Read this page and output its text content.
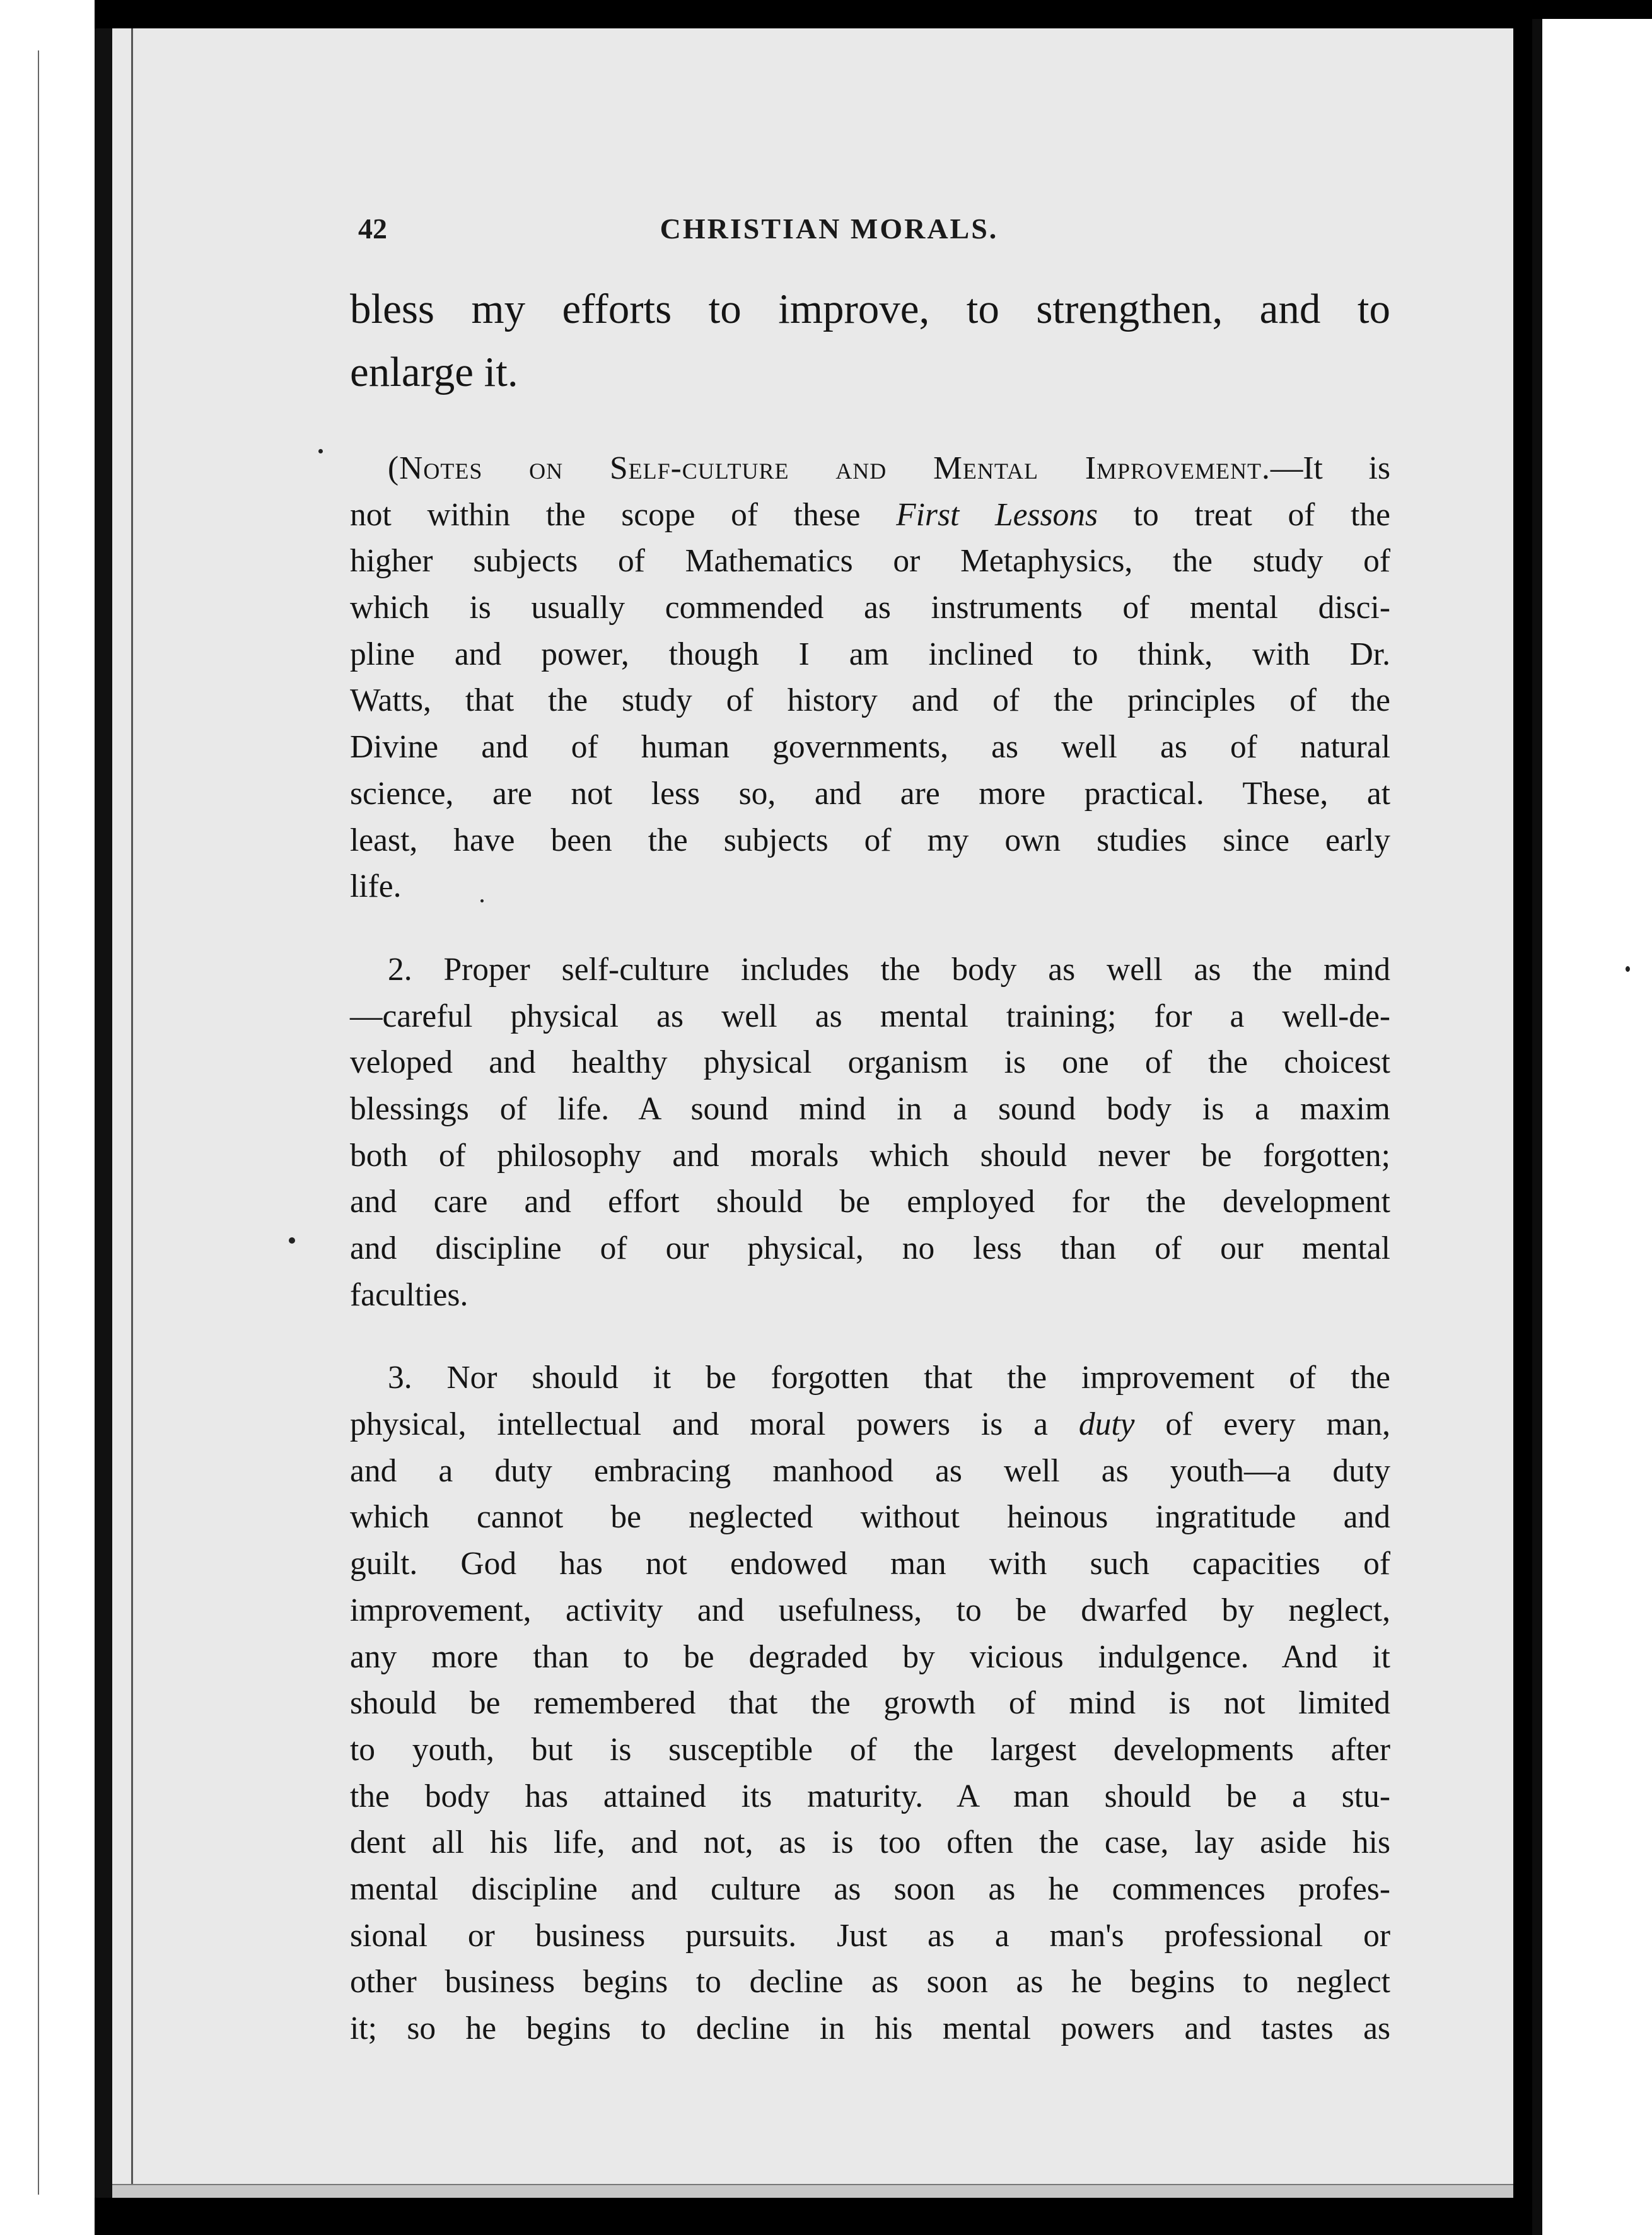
42	CHRISTIAN MORALS.
bless my efforts to improve, to strengthen, and to
enlarge it.
(Notes on Self-culture and Mental Improvement.—It is
not within the scope of these First Lessons to treat of the
higher subjects of Mathematics or Metaphysics, the study of
which is usually commended as instruments of mental disci-
pline and power, though I am inclined to think, with Dr.
Watts, that the study of history and of the principles of the
Divine and of human governments, as well as of natural
science, are not less so, and are more practical. These, at
least, have been the subjects of my own studies since early
life.
2. Proper self-culture includes the body as well as the mind
—careful physical as well as mental training; for a well-de-
veloped and healthy physical organism is one of the choicest
blessings of life. A sound mind in a sound body is a maxim
both of philosophy and morals which should never be forgotten;
and care and effort should be employed for the development
and discipline of our physical, no less than of our mental
faculties.
3. Nor should it be forgotten that the improvement of the
physical, intellectual and moral powers is a duty of every man,
and a duty embracing manhood as well as youth—a duty
which cannot be neglected without heinous ingratitude and
guilt. God has not endowed man with such capacities of
improvement, activity and usefulness, to be dwarfed by neglect,
any more than to be degraded by vicious indulgence. And it
should be remembered that the growth of mind is not limited
to youth, but is susceptible of the largest developments after
the body has attained its maturity. A man should be a stu-
dent all his life, and not, as is too often the case, lay aside his
mental discipline and culture as soon as he commences profes-
sional or business pursuits. Just as a man's professional or
other business begins to decline as soon as he begins to neglect
it; so he begins to decline in his mental powers and tastes as
